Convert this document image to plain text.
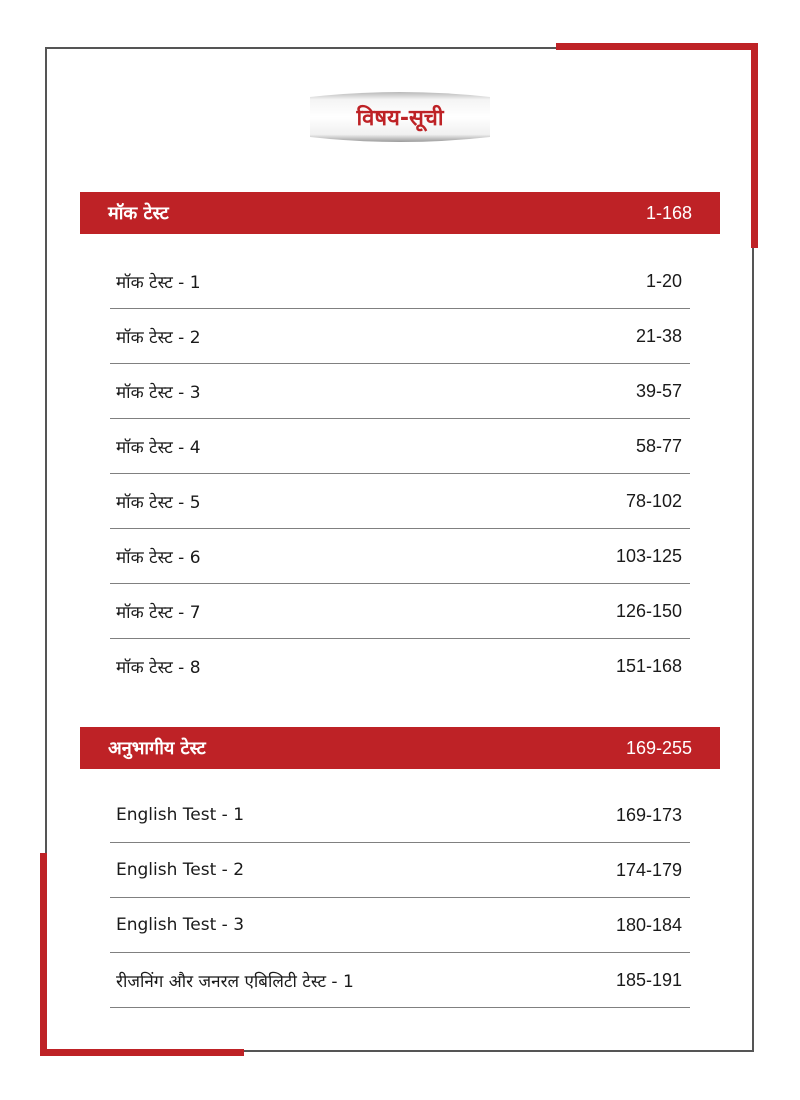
विषय-सूची
मॉक टेस्ट	1-168
मॉक टेस्ट - 1	1-20
मॉक टेस्ट - 2	21-38
मॉक टेस्ट - 3	39-57
मॉक टेस्ट - 4	58-77
मॉक टेस्ट - 5	78-102
मॉक टेस्ट - 6	103-125
मॉक टेस्ट - 7	126-150
मॉक टेस्ट - 8	151-168
अनुभागीय टेस्ट	169-255
English Test - 1	169-173
English Test - 2	174-179
English Test - 3	180-184
रीजनिंग और जनरल एबिलिटी टेस्ट - 1	185-191
